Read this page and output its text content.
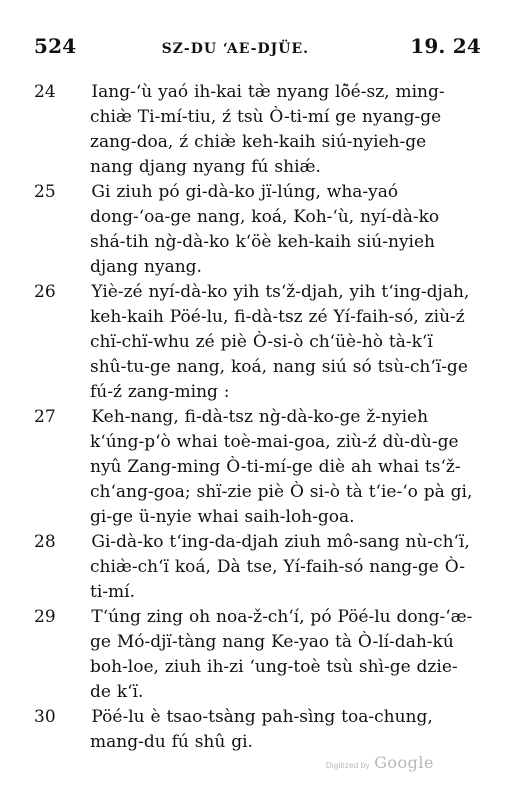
524	SZ-DU ‘AE-DJÜE.	19. 24

24 Iang-‘ù yaó ih-kai tæ̀ nyang lö̀é-sz, ming-chiæ̀ Ti-mí-tiu, ź tsù Ò-ti-mí ge nyang-ge zang-doa, ź chiæ̀ keh-kaih siú-nyieh-ge nang djang nyang fú shiǽ.

25 Gi ziuh pó gi-dà-ko jï-lúng, wha-yaó dong-‘oa-ge nang, koá, Koh-‘ù, nyí-dà-ko shá-tih ng̀-dà-ko k‘öè keh-kaih siú-nyieh djang nyang.

26 Yiè-zé nyí-dà-ko yih ts‘ž-djah, yih t‘ing-djah, keh-kaih Pöé-lu, fi-dà-tsz zé Yí-faih-só, ziù-ź chï-chï-whu zé piè Ò-si-ò ch‘üè-hò tà-k‘ï shû-tu-ge nang, koá, nang siú só tsù-ch‘ï-ge fú-ź zang-ming :

27 Keh-nang, fi-dà-tsz ng̀-dà-ko-ge ž-nyieh k‘úng-p‘ò whai toè-mai-goa, ziù-ź dù-dù-ge nyû Zang-ming Ò-ti-mí-ge diè ah whai ts‘ž-ch‘ang-goa; shï-zie piè Ò si-ò tà t‘ie-‘o pà gi, gi-ge ü-nyie whai saih-loh-goa.

28 Gi-dà-ko t‘ing-da-djah ziuh mô-sang nù-ch‘ï, chiæ̀-ch‘ï koá, Dà tse, Yí-faih-só nang-ge Ò-ti-mí.

29 T‘úng zing oh noa-ž-ch‘í, pó Pöé-lu dong-‘æ-ge Mó-djï-tàng nang Ke-yao tà Ò-lí-dah-kú boh-loe, ziuh ih-zi ‘ung-toè tsù shì-ge dzie-de k‘ï.

30 Pöé-lu è tsao-tsàng pah-sìng toa-chung, mang-du fú shû gi.

Digitized by Google
